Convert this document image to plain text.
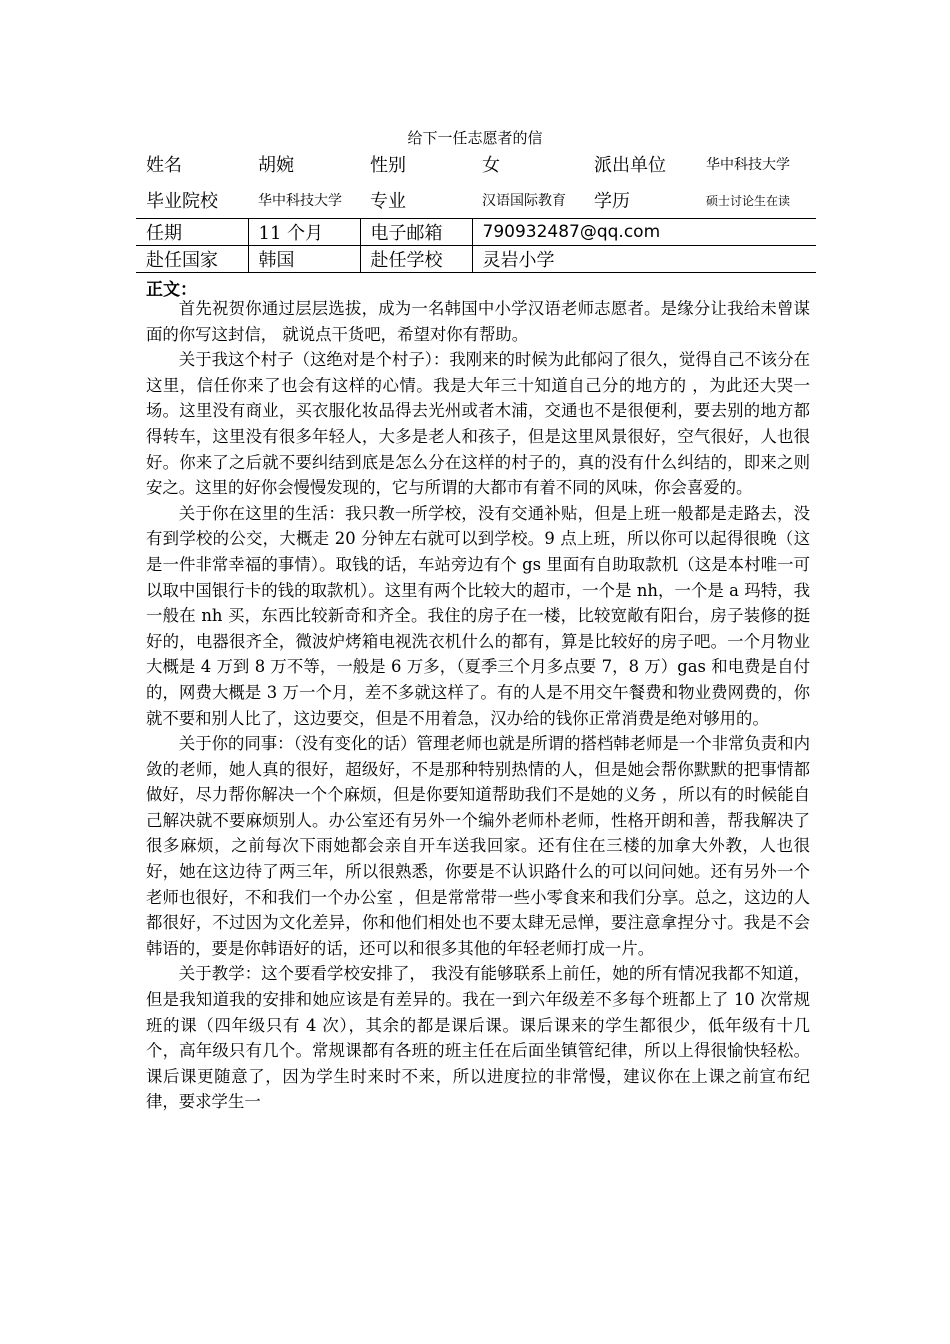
给下一任志愿者的信
姓名	胡婉	性别	女	派出单位	华中科技大学
毕业院校	华中科技大学	专业	汉语国际教育	学历	硕士讨论生在读
任期	11 个月	电子邮箱	790932487@qq.com		
赴任国家	韩国	赴任学校	灵岩小学		
正文：

首先祝贺你通过层层选拔，成为一名韩国中小学汉语老师志愿者。是缘分让我给未曾谋面的你写这封信， 就说点干货吧，希望对你有帮助。

关于我这个村子（这绝对是个村子）：我刚来的时候为此郁闷了很久，觉得自己不该分在这里，信任你来了也会有这样的心情。我是大年三十知道自己分的地方的 ，为此还大哭一场。这里没有商业，买衣服化妆品得去光州或者木浦，交通也不是很便利，要去别的地方都得转车，这里没有很多年轻人，大多是老人和孩子，但是这里风景很好，空气很好，人也很好。你来了之后就不要纠结到底是怎么分在这样的村子的，真的没有什么纠结的，即来之则安之。这里的好你会慢慢发现的，它与所谓的大都市有着不同的风味，你会喜爱的。

关于你在这里的生活：我只教一所学校，没有交通补贴，但是上班一般都是走路去，没有到学校的公交，大概走 20 分钟左右就可以到学校。9 点上班，所以你可以起得很晚（这是一件非常幸福的事情）。取钱的话，车站旁边有个 gs 里面有自助取款机（这是本村唯一可以取中国银行卡的钱的取款机）。这里有两个比较大的超市，一个是 nh，一个是 a 玛特，我一般在 nh 买，东西比较新奇和齐全。我住的房子在一楼，比较宽敞有阳台，房子装修的挺好的，电器很齐全，微波炉烤箱电视洗衣机什么的都有，算是比较好的房子吧。一个月物业大概是 4 万到 8 万不等，一般是 6 万多，（夏季三个月多点要 7，8 万）gas 和电费是自付的，网费大概是 3 万一个月，差不多就这样了。有的人是不用交午餐费和物业费网费的，你就不要和别人比了，这边要交，但是不用着急，汉办给的钱你正常消费是绝对够用的。

关于你的同事：（没有变化的话）管理老师也就是所谓的搭档韩老师是一个非常负责和内敛的老师，她人真的很好，超级好，不是那种特别热情的人，但是她会帮你默默的把事情都做好，尽力帮你解决一个个麻烦，但是你要知道帮助我们不是她的义务 ，所以有的时候能自己解决就不要麻烦别人。办公室还有另外一个编外老师朴老师，性格开朗和善，帮我解决了很多麻烦，之前每次下雨她都会亲自开车送我回家。还有住在三楼的加拿大外教，人也很好，她在这边待了两三年，所以很熟悉，你要是不认识路什么的可以问问她。还有另外一个老师也很好，不和我们一个办公室 ，但是常常带一些小零食来和我们分享。总之，这边的人都很好，不过因为文化差异，你和他们相处也不要太肆无忌惮，要注意拿捏分寸。我是不会韩语的，要是你韩语好的话，还可以和很多其他的年轻老师打成一片。

关于教学：这个要看学校安排了， 我没有能够联系上前任，她的所有情况我都不知道，但是我知道我的安排和她应该是有差异的。我在一到六年级差不多每个班都上了 10 次常规班的课（四年级只有 4 次），其余的都是课后课。课后课来的学生都很少，低年级有十几个，高年级只有几个。常规课都有各班的班主任在后面坐镇管纪律，所以上得很愉快轻松。课后课更随意了，因为学生时来时不来，所以进度拉的非常慢，建议你在上课之前宣布纪律，要求学生一
